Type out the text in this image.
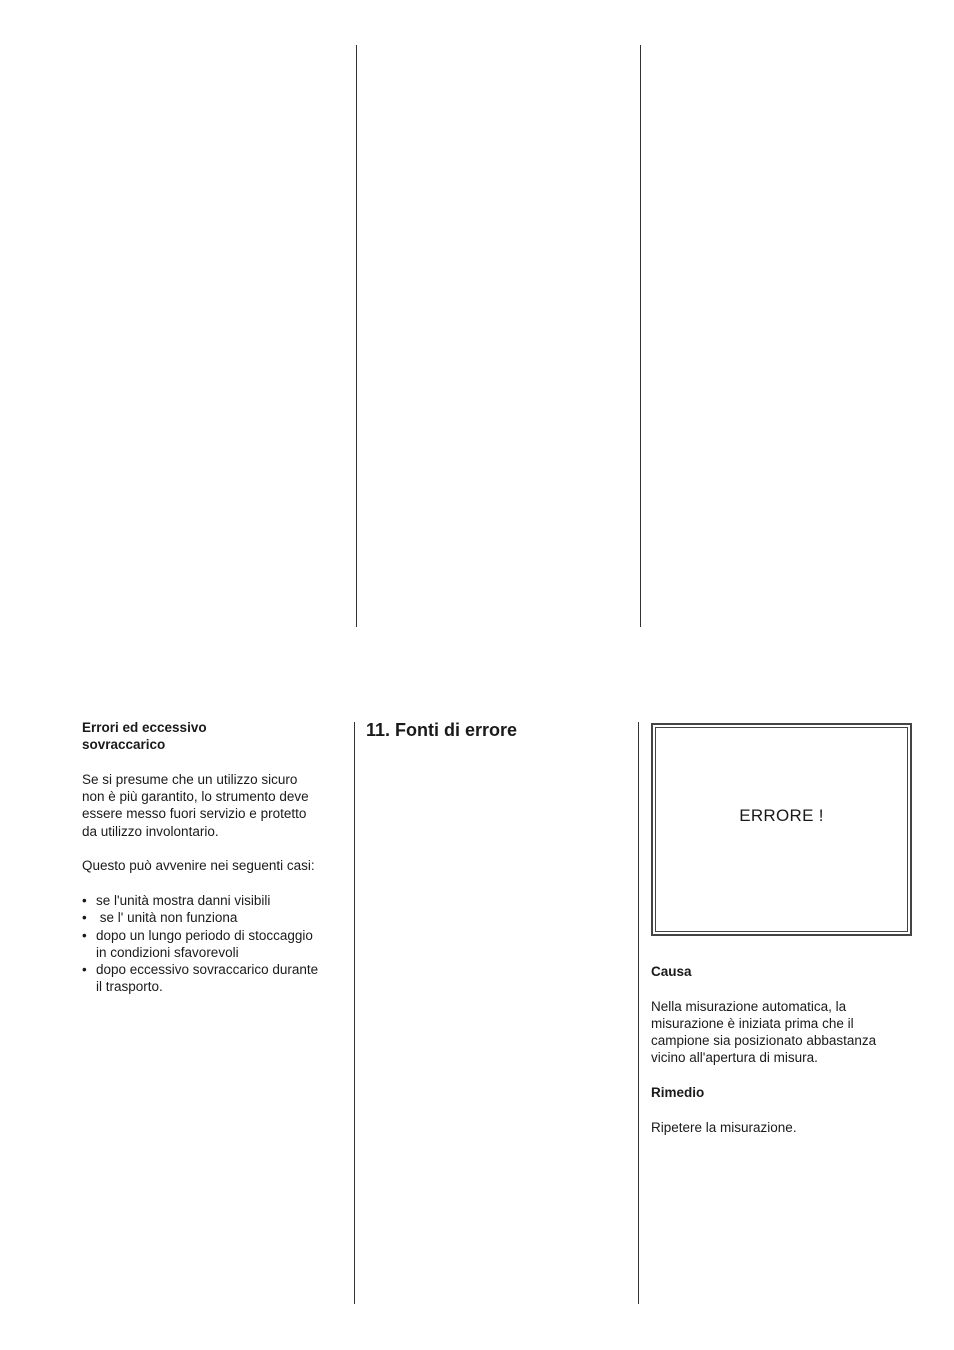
Errori ed eccessivo

sovraccarico

Se si presume che un utilizzo sicuro

non è più garantito, lo strumento deve

essere messo fuori servizio e protetto

da utilizzo involontario.

Questo può avvenire nei seguenti casi:

• se l'unità mostra danni visibili
•  se l' unità non funziona
• dopo un lungo periodo di stoccaggio
in condizioni sfavorevoli
• dopo eccessivo sovraccarico durante
il trasporto.
11. Fonti di errore
ERRORE !

Causa

Nella misurazione automatica, la

misurazione è iniziata prima che il

campione sia posizionato abbastanza

vicino all'apertura di misura.

Rimedio

Ripetere la misurazione.
